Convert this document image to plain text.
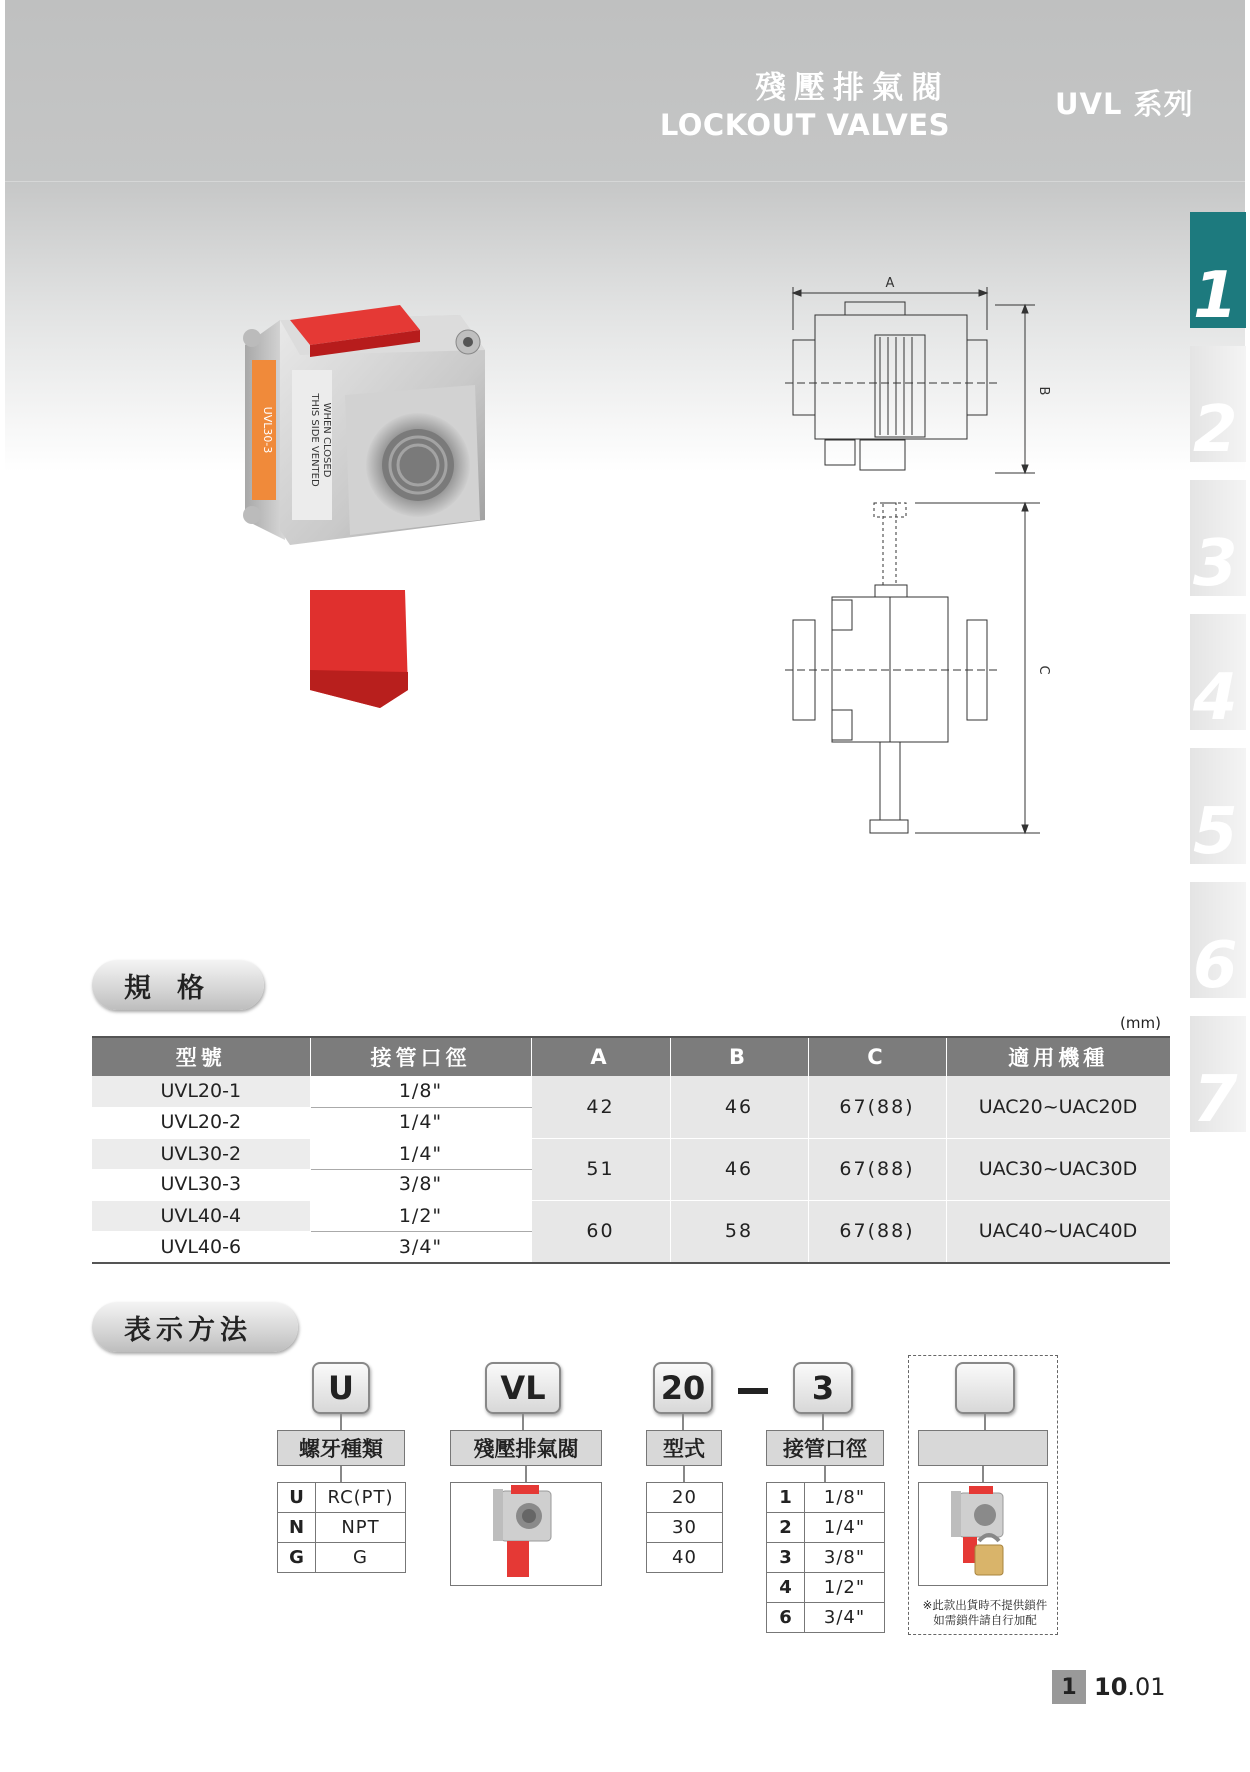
殘壓排氣閥
LOCKOUT VALVES
UVL 系列
1
2
3
4
5
6
7
UVL30-3	THIS SIDE VENTED WHEN CLOSED
A
B
C
規格
(mm)
型號	接管口徑	A	B	C	適用機種
UVL20-1	1/8"	42	46	67(88)	UAC20~UAC20D
UVL20-2	1/4"				
UVL30-2	1/4"	51	46	67(88)	UAC30~UAC30D
UVL30-3	3/8"				
UVL40-4	1/2"	60	58	67(88)	UAC40~UAC40D
UVL40-6	3/4"				
表示方法
U	VL	20	3
螺牙種類	殘壓排氣閥	型式	接管口徑
U	RC(PT)
N	NPT
G	G
20
30
40
1	1/8"
2	1/4"
3	3/8"
4	1/2"
6	3/4"
※此款出貨時不提供鎖件
如需鎖件請自行加配
1 10.01
